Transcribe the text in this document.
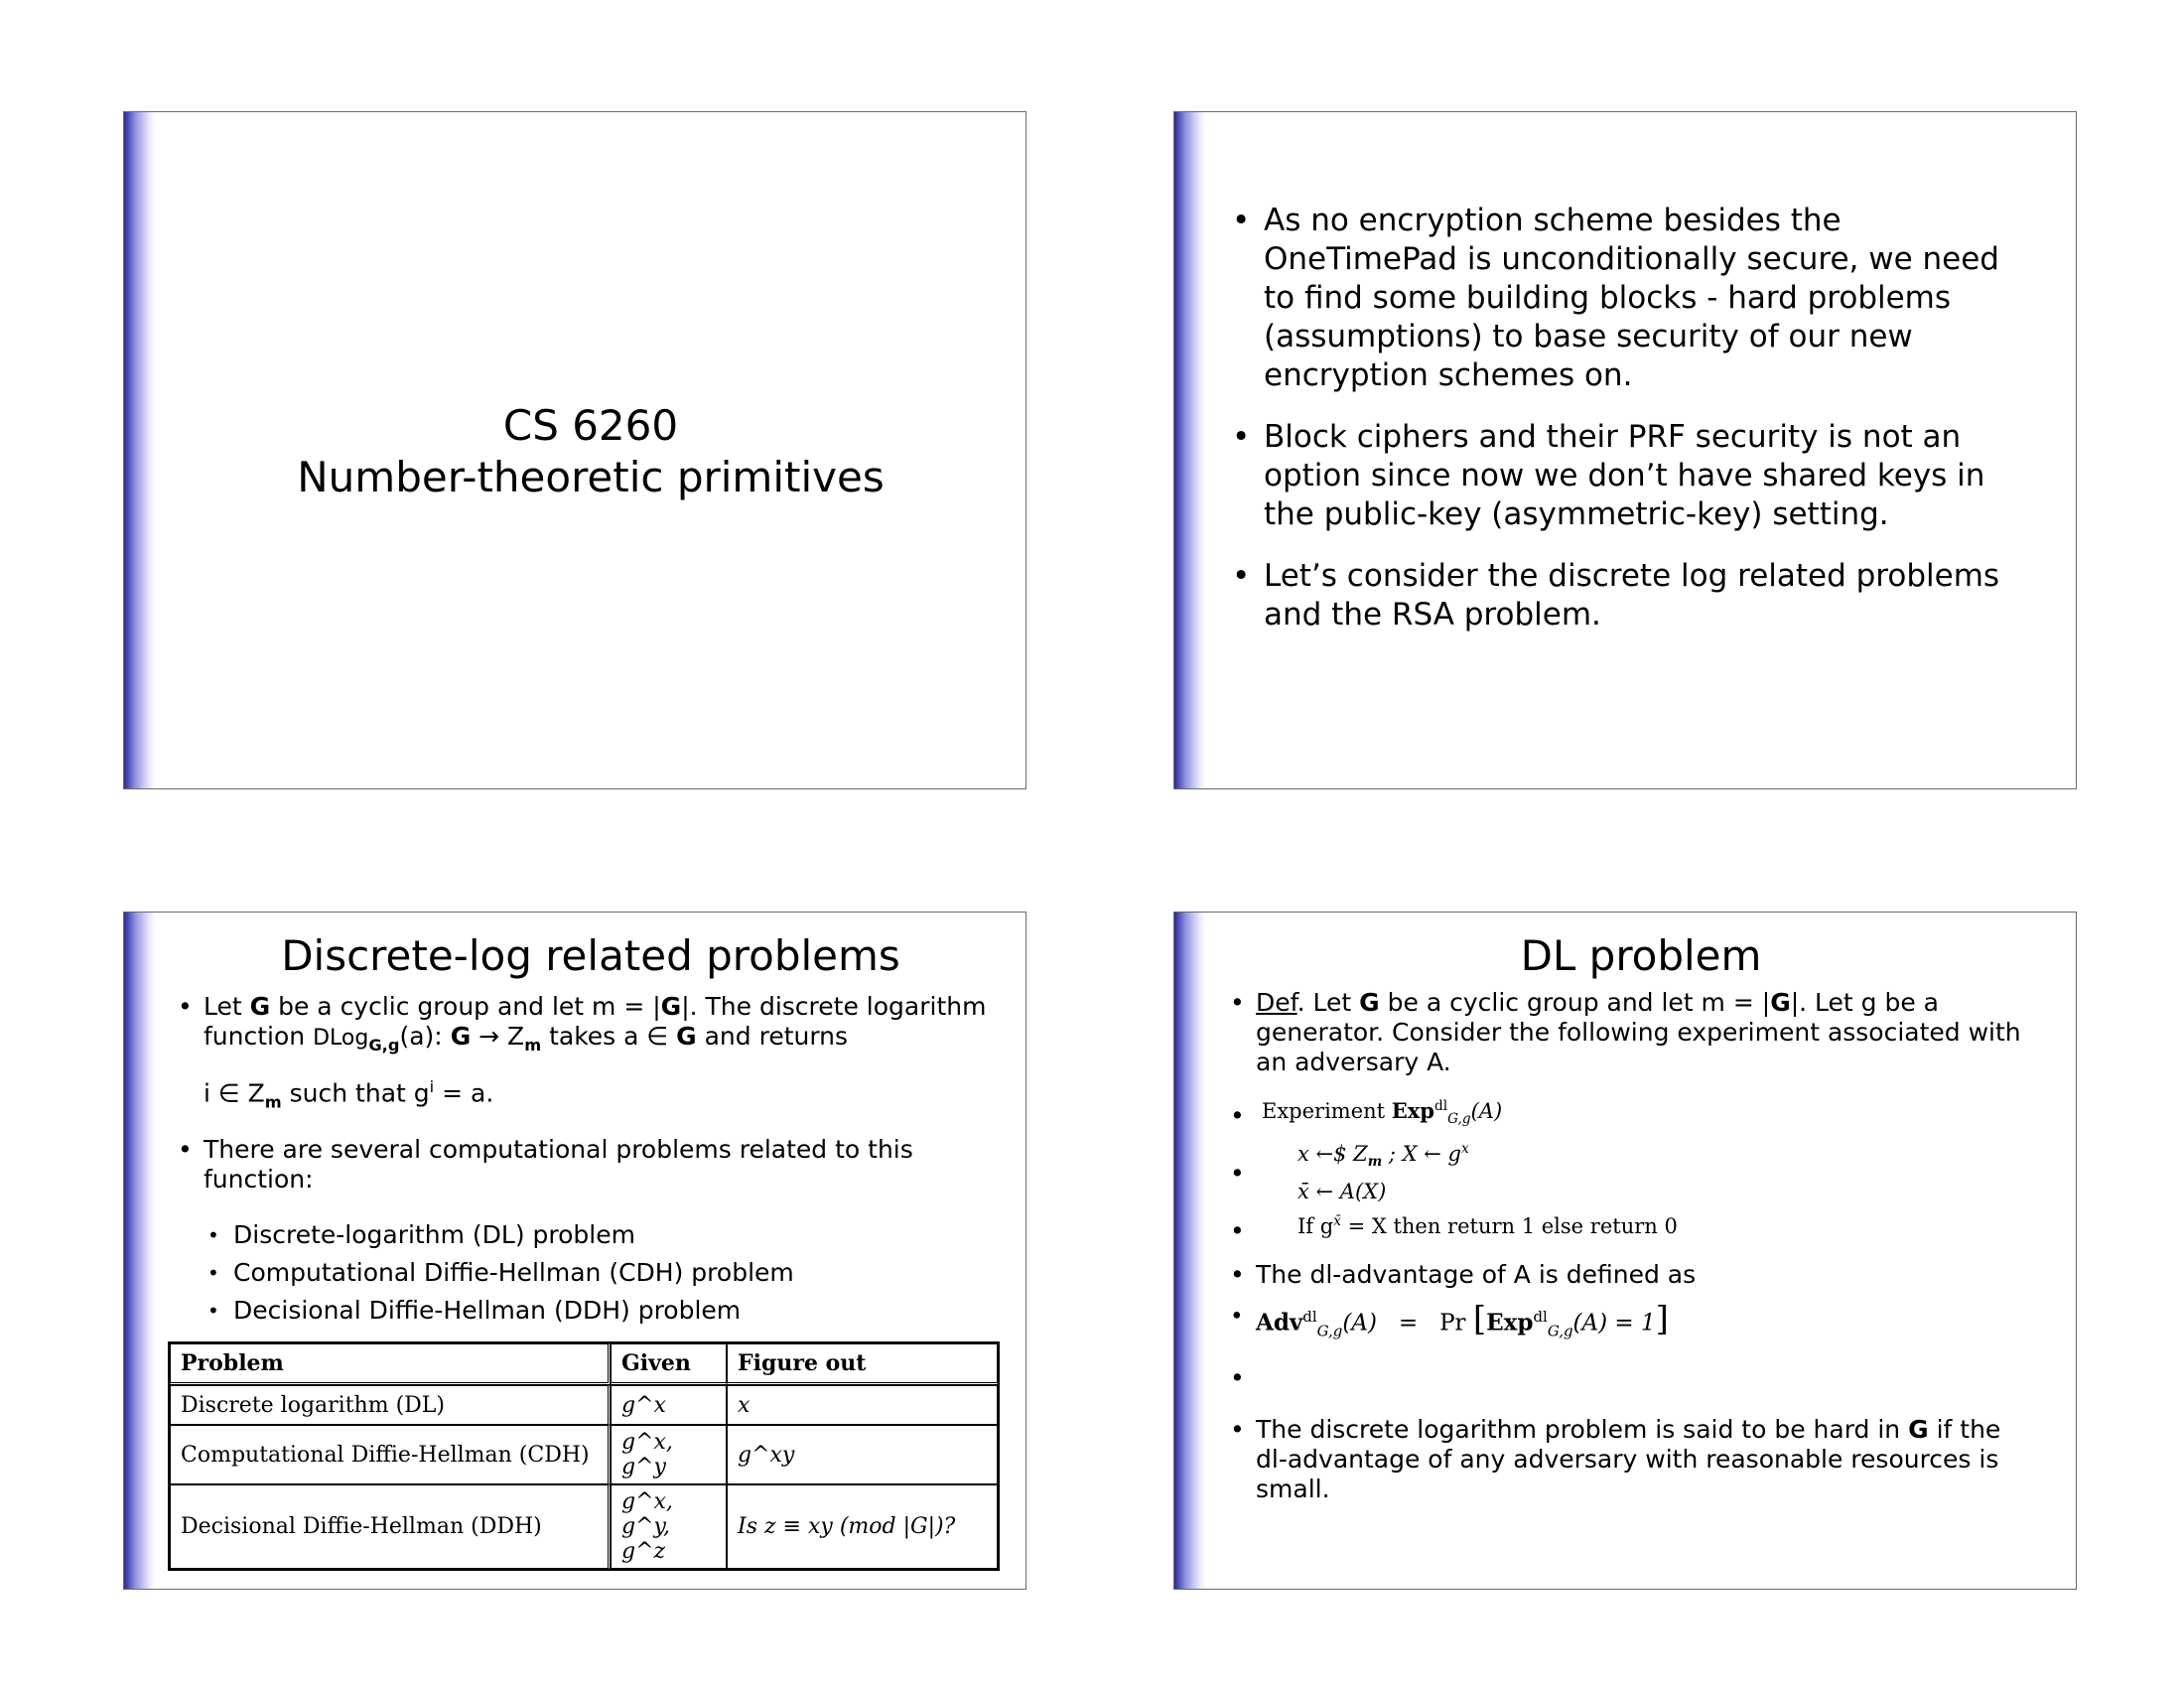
CS 6260
Number-theoretic primitives
• As no encryption scheme besides the OneTimePad is unconditionally secure, we need to find some building blocks - hard problems (assumptions) to base security of our new encryption schemes on.
• Block ciphers and their PRF security is not an option since now we don’t have shared keys in the public-key (asymmetric-key) setting.
• Let’s consider the discrete log related problems and the RSA problem.
Discrete-log related problems
• Let G be a cyclic group and let m = |G|. The discrete logarithm function DLog$_{G,g}$(a): $G \to Z_m$ takes a ∈ G and returns
i ∈ $Z_m$ such that $g^i = a$.
• There are several computational problems related to this function:
• Discrete-logarithm (DL) problem
• Computational Diffie-Hellman (CDH) problem
• Decisional Diffie-Hellman (DDH) problem
Problem	Given	Figure out
Discrete logarithm (DL)	g^x	x
Computational Diffie-Hellman (CDH)	g^x, g^y	g^xy
Decisional Diffie-Hellman (DDH)	g^x, g^y, g^z	Is z ≡ xy (mod |G|)?
DL problem
• Def. Let G be a cyclic group and let m = |G|. Let g be a generator. Consider the following experiment associated with an adversary A.
•
•
•
Experiment Exp$^{dl}_{G,g}$(A)
x ←$ $Z_m$ ; X ← $g^x$
x̄ ← A(X)
If $g^{x̄} = X$ then return 1 else return 0
• The dl-advantage of A is defined as
• Adv$^{dl}_{G,g}$(A) = Pr [Exp$^{dl}_{G,g}$(A) = 1]
•
• The discrete logarithm problem is said to be hard in G if the dl-advantage of any adversary with reasonable resources is small.
